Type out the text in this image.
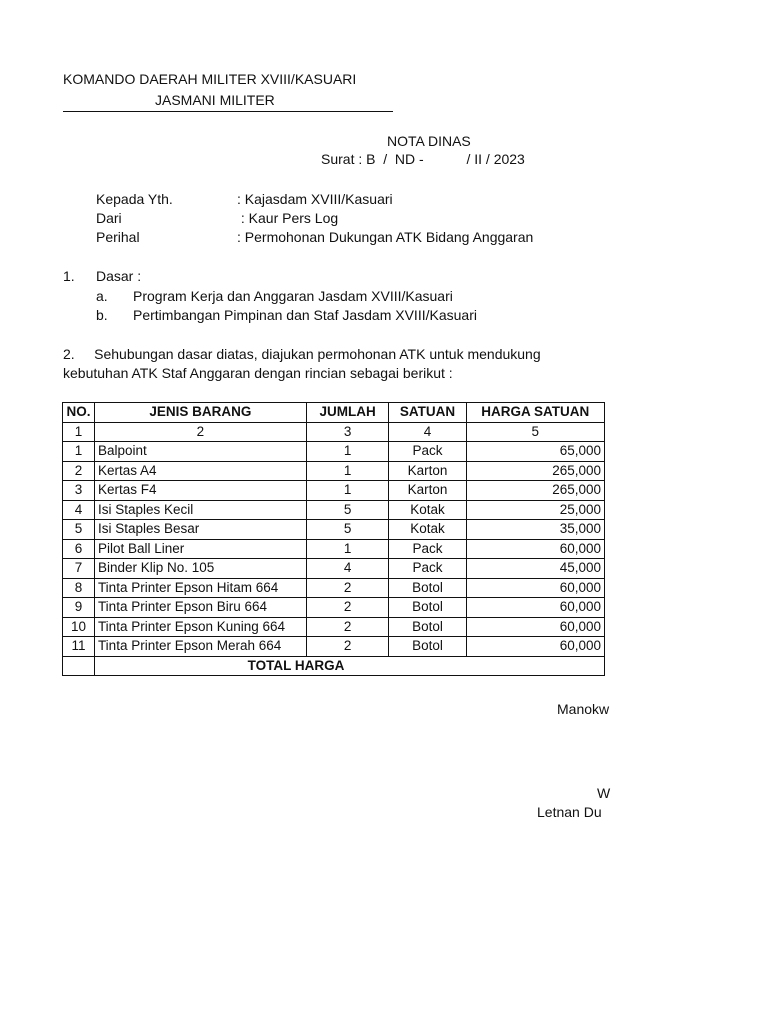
KOMANDO DAERAH MILITER XVIII/KASUARI
JASMANI MILITER
NOTA DINAS
Surat : B  /  ND -           / II / 2023
Kepada Yth.	: Kajasdam XVIII/Kasuari
Dari	: Kaur Pers Log
Perihal	: Permohonan Dukungan ATK Bidang Anggaran
1. Dasar :
a. Program Kerja dan Anggaran Jasdam XVIII/Kasuari
b. Pertimbangan Pimpinan dan Staf Jasdam XVIII/Kasuari
2.     Sehubungan dasar diatas, diajukan permohonan ATK untuk mendukung
kebutuhan ATK Staf Anggaran dengan rincian sebagai berikut :
NO.	JENIS BARANG	JUMLAH	SATUAN	HARGA SATUAN
1	2	3	4	5
1	Balpoint	1	Pack	65,000
2	Kertas A4	1	Karton	265,000
3	Kertas F4	1	Karton	265,000
4	Isi Staples Kecil	5	Kotak	25,000
5	Isi Staples Besar	5	Kotak	35,000
6	Pilot Ball Liner	1	Pack	60,000
7	Binder Klip No. 105	4	Pack	45,000
8	Tinta Printer Epson Hitam 664	2	Botol	60,000
9	Tinta Printer Epson Biru 664	2	Botol	60,000
10	Tinta Printer Epson Kuning 664	2	Botol	60,000
11	Tinta Printer Epson Merah 664	2	Botol	60,000
	TOTAL HARGA			
Manokw
W
Letnan Du
